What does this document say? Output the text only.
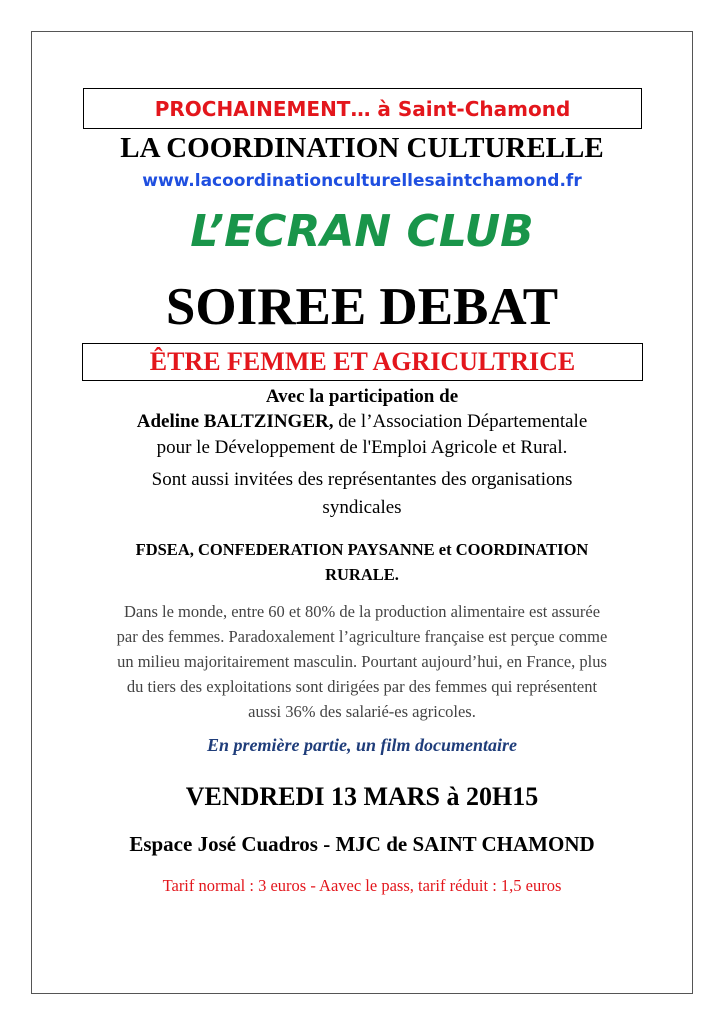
PROCHAINEMENT… à Saint-Chamond
LA COORDINATION CULTURELLE
www.lacoordinationculturellesaintchamond.fr
L’ECRAN CLUB
SOIREE DEBAT
ÊTRE FEMME ET AGRICULTRICE
Avec la participation de
Adeline BALTZINGER, de l’Association Départementale
pour le Développement de l'Emploi Agricole et Rural.
Sont aussi invitées des représentantes des organisations
syndicales
FDSEA, CONFEDERATION PAYSANNE et COORDINATION
RURALE.
Dans le monde, entre 60 et 80% de la production alimentaire est assurée
par des femmes. Paradoxalement l’agriculture française est perçue comme
un milieu majoritairement masculin. Pourtant aujourd’hui, en France, plus
du tiers des exploitations sont dirigées par des femmes qui représentent
aussi 36% des salarié-es agricoles.
En première partie, un film documentaire
VENDREDI 13 MARS à 20H15
Espace José Cuadros - MJC de SAINT CHAMOND
Tarif normal : 3 euros - Aavec le pass, tarif réduit : 1,5 euros
